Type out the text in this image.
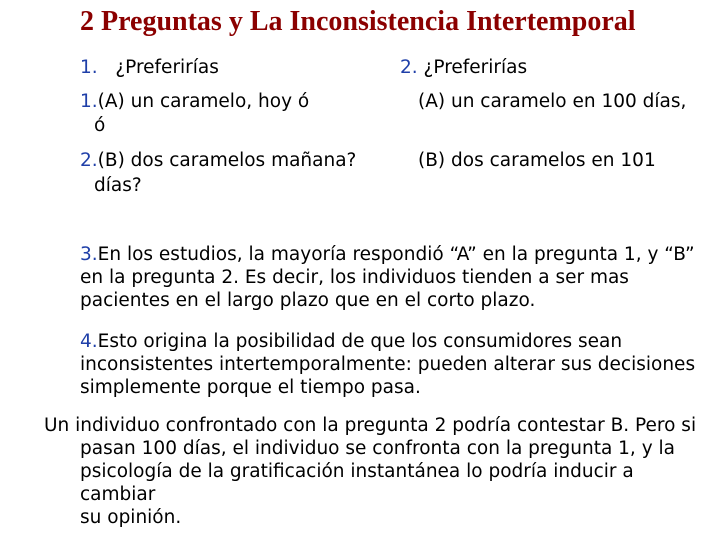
2 Preguntas y La Inconsistencia Intertemporal
1. ¿Preferirías
1.(A) un caramelo, hoy ó
ó
2.(B) dos caramelos mañana?
días?
2. ¿Preferirías
(A) un caramelo en 100 días,
(B) dos caramelos en 101
3.En los estudios, la mayoría respondió “A” en la pregunta 1, y “B”
en la pregunta 2. Es decir, los individuos tienden a ser mas
pacientes en el largo plazo que en el corto plazo.
4.Esto origina la posibilidad de que los consumidores sean
inconsistentes intertemporalmente: pueden alterar sus decisiones
simplemente porque el tiempo pasa.
Un individuo confrontado con la pregunta 2 podría contestar B. Pero si
pasan 100 días, el individuo se confronta con la pregunta 1, y la
psicología de la gratificación instantánea lo podría inducir a cambiar
su opinión.
